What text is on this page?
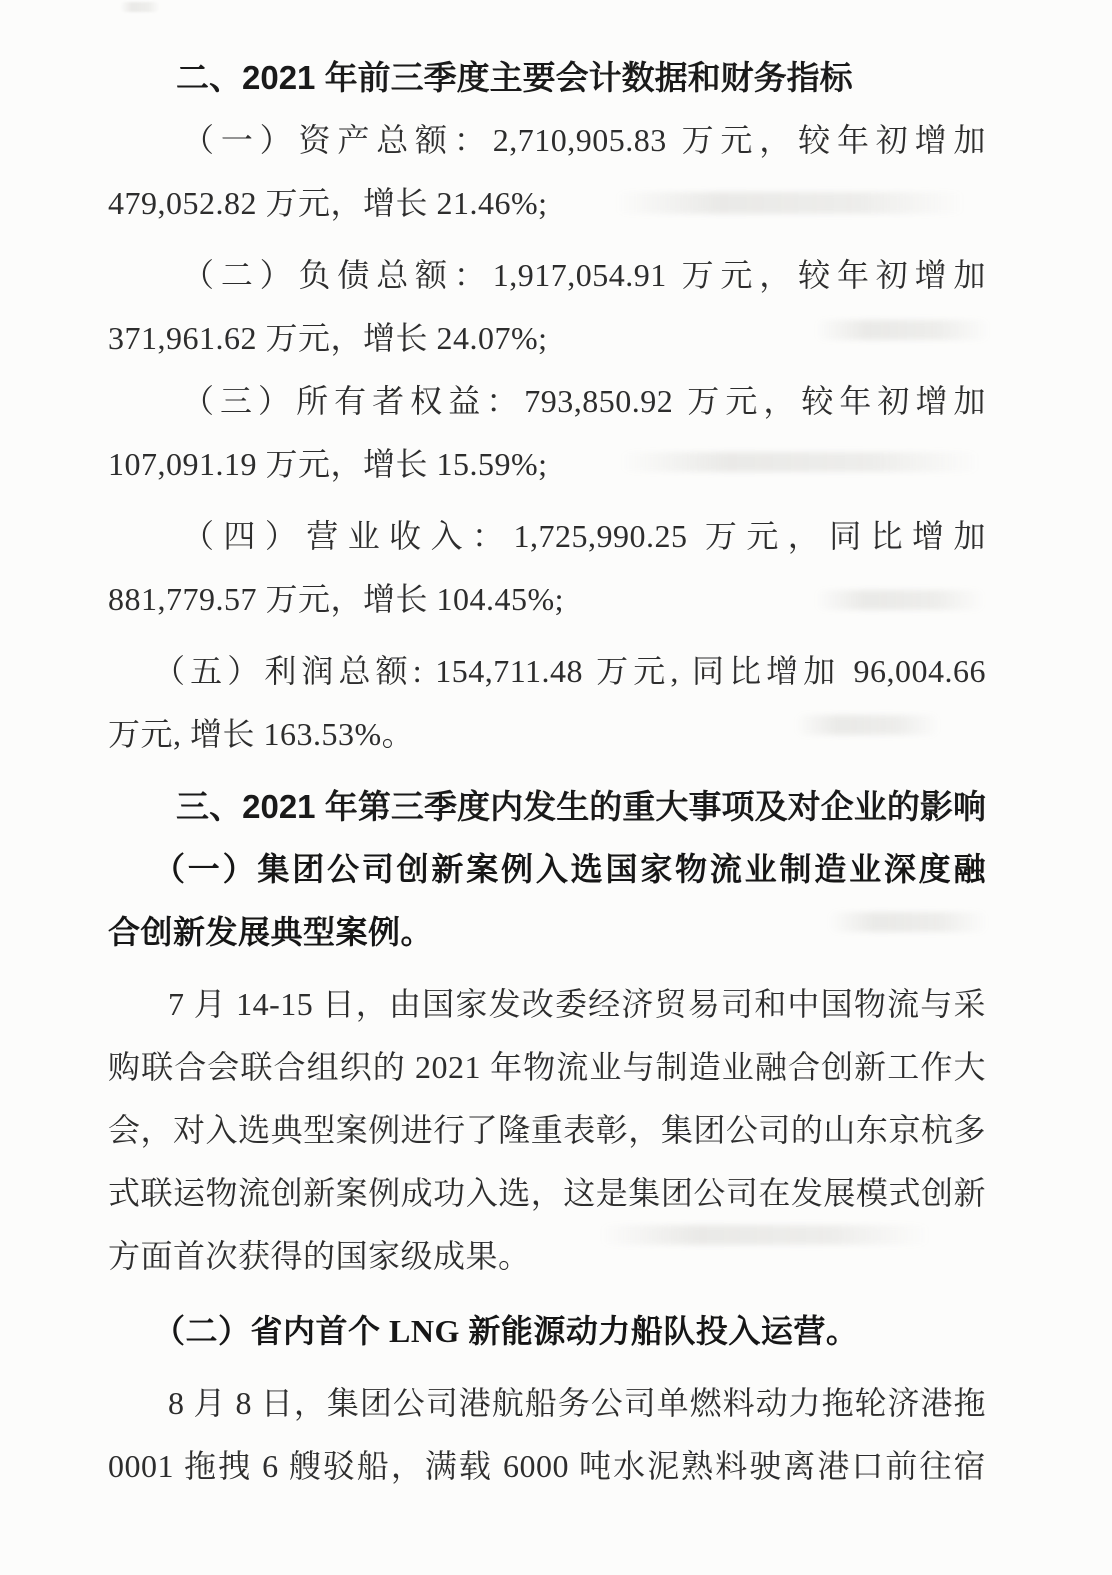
二、2021 年前三季度主要会计数据和财务指标
（一）资产总额：2,710,905.83 万元，较年初增加
479,052.82 万元，增长 21.46%;
（二）负债总额：1,917,054.91 万元，较年初增加
371,961.62 万元，增长 24.07%;
（三）所有者权益：793,850.92 万元，较年初增加
107,091.19 万元，增长 15.59%;
（四）营业收入：1,725,990.25 万元，同比增加
881,779.57 万元，增长 104.45%;
（五）利润总额: 154,711.48 万元, 同比增加 96,004.66
万元, 增长 163.53%。
三、2021 年第三季度内发生的重大事项及对企业的影响
（一）集团公司创新案例入选国家物流业制造业深度融
合创新发展典型案例。
7 月 14-15 日，由国家发改委经济贸易司和中国物流与采
购联合会联合组织的 2021 年物流业与制造业融合创新工作大
会，对入选典型案例进行了隆重表彰，集团公司的山东京杭多
式联运物流创新案例成功入选，这是集团公司在发展模式创新
方面首次获得的国家级成果。
（二）省内首个 LNG 新能源动力船队投入运营。
8 月 8 日，集团公司港航船务公司单燃料动力拖轮济港拖
0001 拖拽 6 艘驳船，满载 6000 吨水泥熟料驶离港口前往宿
